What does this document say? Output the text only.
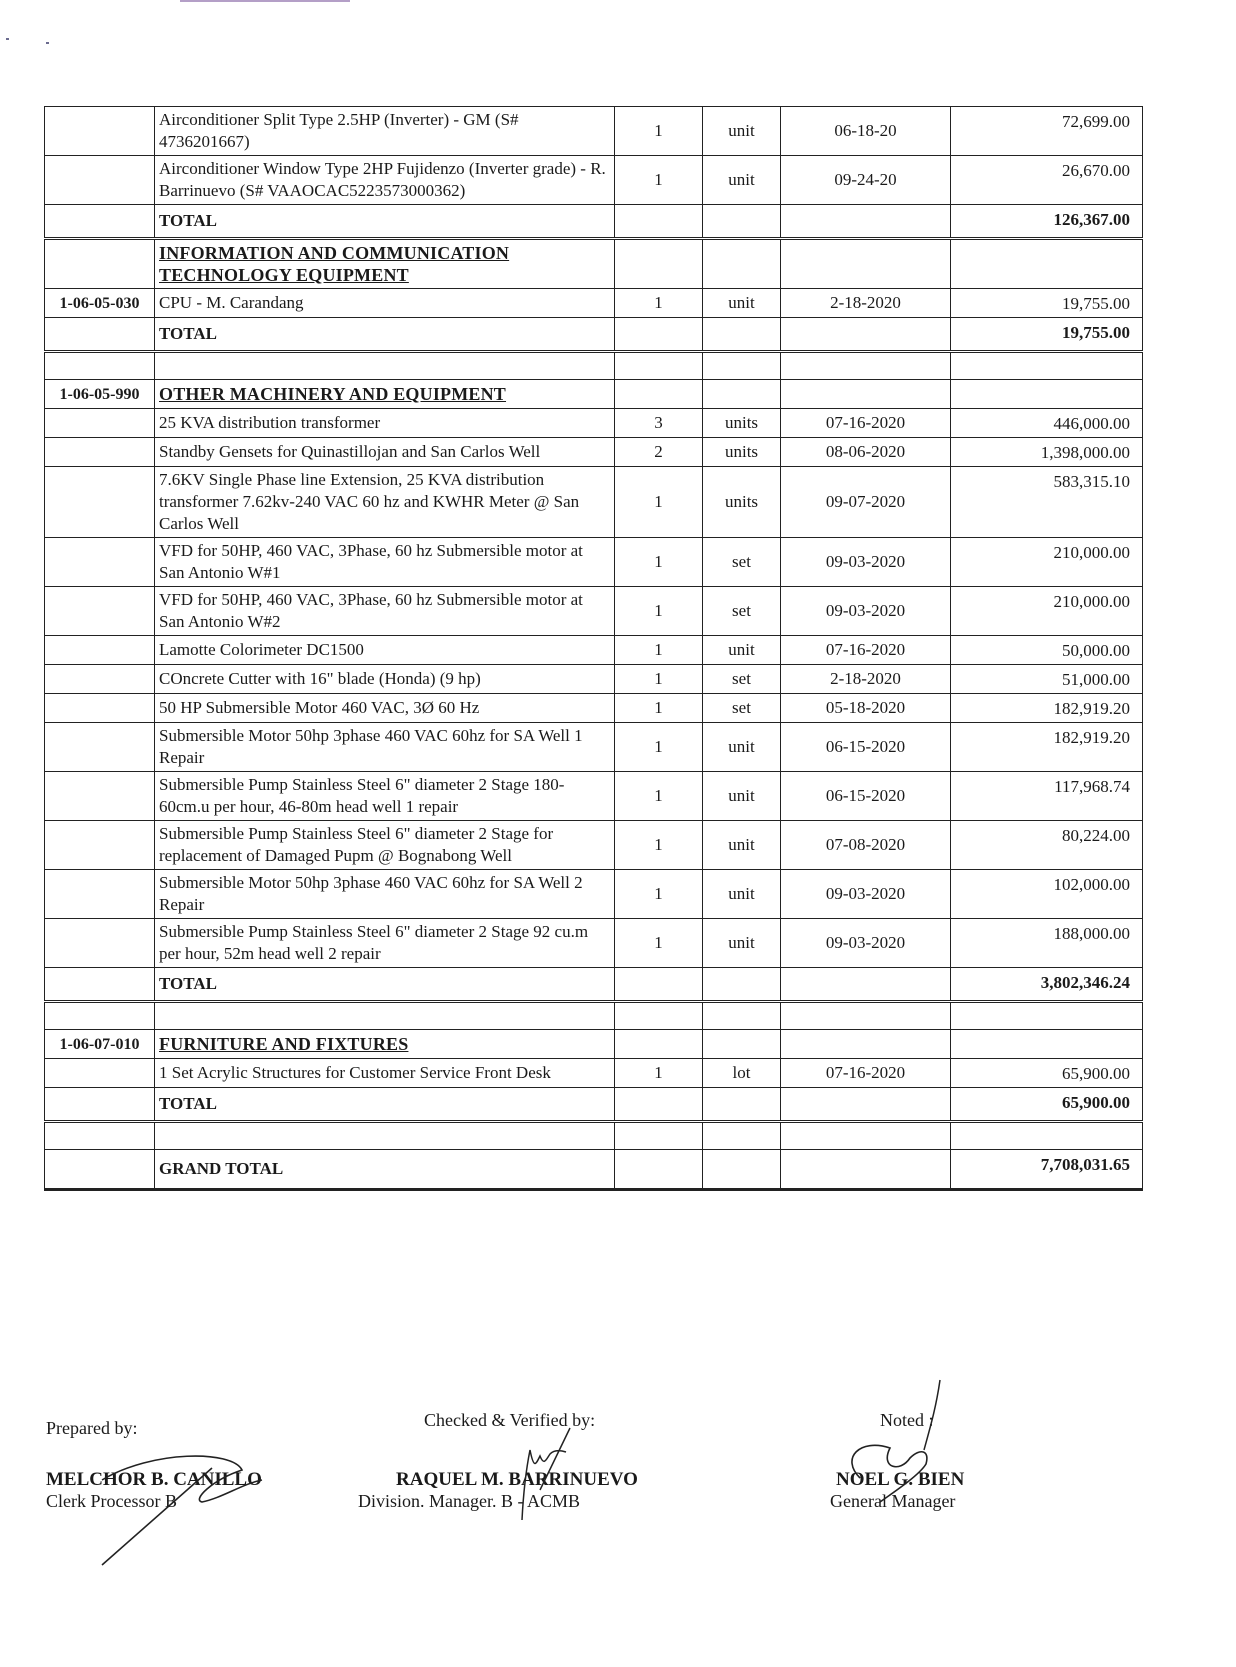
	Airconditioner Split Type 2.5HP (Inverter) - GM (S# 4736201667)	1	unit	06-18-20	72,699.00
	Airconditioner Window Type 2HP Fujidenzo (Inverter grade) - R. Barrinuevo (S# VAAOCAC5223573000362)	1	unit	09-24-20	26,670.00
	TOTAL				126,367.00
	INFORMATION AND COMMUNICATION TECHNOLOGY EQUIPMENT				
1-06-05-030	CPU - M. Carandang	1	unit	2-18-2020	19,755.00
	TOTAL				19,755.00

1-06-05-990	OTHER MACHINERY AND EQUIPMENT				
	25 KVA distribution transformer	3	units	07-16-2020	446,000.00
	Standby Gensets for Quinastillojan and San Carlos Well	2	units	08-06-2020	1,398,000.00
	7.6KV Single Phase line Extension, 25 KVA distribution transformer 7.62kv-240 VAC 60 hz and KWHR Meter @ San Carlos Well	1	units	09-07-2020	583,315.10
	VFD for 50HP, 460 VAC, 3Phase, 60 hz Submersible motor at San Antonio W#1	1	set	09-03-2020	210,000.00
	VFD for 50HP, 460 VAC, 3Phase, 60 hz Submersible motor at San Antonio W#2	1	set	09-03-2020	210,000.00
	Lamotte Colorimeter DC1500	1	unit	07-16-2020	50,000.00
	COncrete Cutter with 16" blade (Honda) (9 hp)	1	set	2-18-2020	51,000.00
	50 HP Submersible Motor 460 VAC, 3Ø 60 Hz	1	set	05-18-2020	182,919.20
	Submersible Motor 50hp 3phase 460 VAC 60hz for SA Well 1 Repair	1	unit	06-15-2020	182,919.20
	Submersible Pump Stainless Steel 6" diameter 2 Stage 180-60cm.u per hour, 46-80m head well 1 repair	1	unit	06-15-2020	117,968.74
	Submersible Pump Stainless Steel 6" diameter 2 Stage for replacement of Damaged Pupm @ Bognabong Well	1	unit	07-08-2020	80,224.00
	Submersible Motor 50hp 3phase 460 VAC 60hz for SA Well 2 Repair	1	unit	09-03-2020	102,000.00
	Submersible Pump Stainless Steel 6" diameter 2 Stage 92 cu.m per hour, 52m head well 2 repair	1	unit	09-03-2020	188,000.00
	TOTAL				3,802,346.24

1-06-07-010	FURNITURE AND FIXTURES				
	1 Set Acrylic Structures for Customer Service Front Desk	1	lot	07-16-2020	65,900.00
	TOTAL				65,900.00

	GRAND TOTAL				7,708,031.65
Prepared by:
MELCHOR B. CANILLO
Clerk Processor B
Checked & Verified by:
RAQUEL M. BARRINUEVO
Division. Manager. B - ACMB
Noted :
NOEL G. BIEN
General Manager
